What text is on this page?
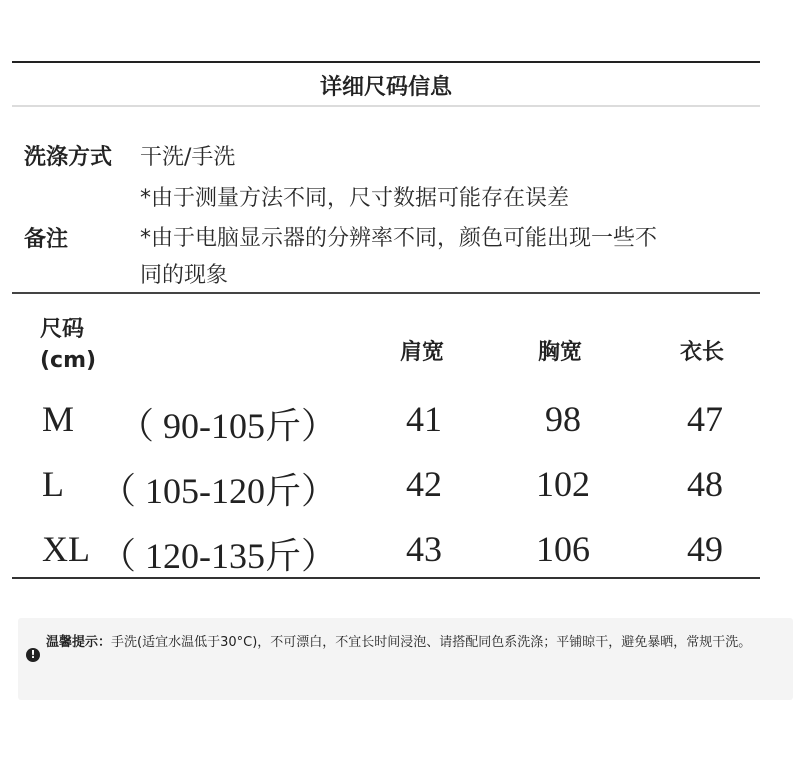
详细尺码信息
洗涤方式 干洗/手洗
备注
*由于测量方法不同，尺寸数据可能存在误差
*由于电脑显示器的分辨率不同，颜色可能出现一些不
同的现象
尺码
(cm)	肩宽	胸宽	衣长
M （ 90-105斤）	41	98	47
L （ 105-120斤）	42	102	48
XL （ 120-135斤）	43	106	49
!
温馨提示：手洗(适宜水温低于30°C)，不可漂白，不宜长时间浸泡、请搭配同色系洗涤；平铺晾干，避免暴晒，常规干洗。
